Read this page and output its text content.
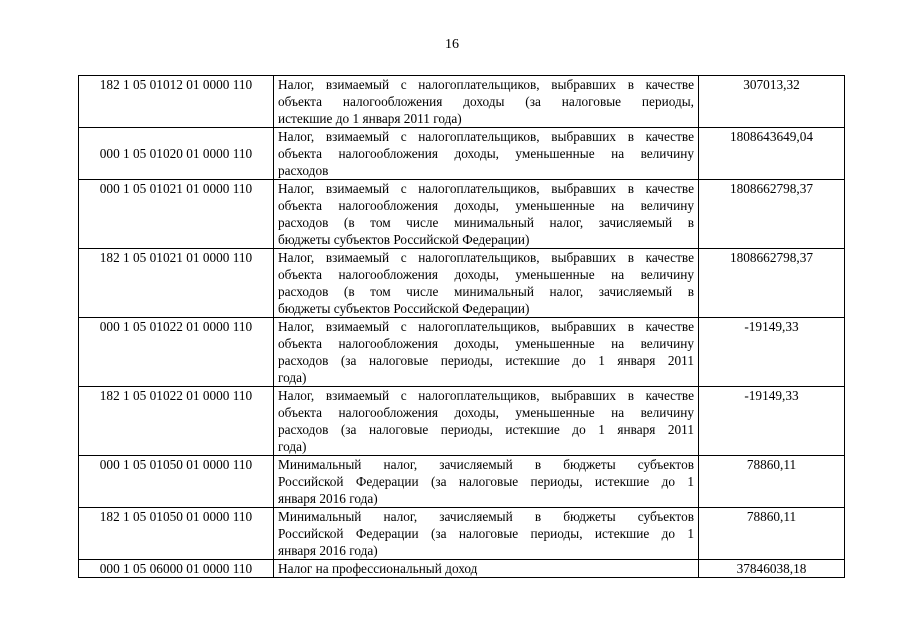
16
182 1 05 01012 01 0000 110	Налог, взимаемый с налогоплательщиков, выбравших в качестве
объекта налогообложения доходы (за налоговые периоды,
истекшие до 1 января 2011 года)	307013,32
000 1 05 01020 01 0000 110	Налог, взимаемый с налогоплательщиков, выбравших в качестве
объекта налогообложения доходы, уменьшенные на величину
расходов	1808643649,04
000 1 05 01021 01 0000 110	Налог, взимаемый с налогоплательщиков, выбравших в качестве
объекта налогообложения доходы, уменьшенные на величину
расходов (в том числе минимальный налог, зачисляемый в
бюджеты субъектов Российской Федерации)	1808662798,37
182 1 05 01021 01 0000 110	Налог, взимаемый с налогоплательщиков, выбравших в качестве
объекта налогообложения доходы, уменьшенные на величину
расходов (в том числе минимальный налог, зачисляемый в
бюджеты субъектов Российской Федерации)	1808662798,37
000 1 05 01022 01 0000 110	Налог, взимаемый с налогоплательщиков, выбравших в качестве
объекта налогообложения доходы, уменьшенные на величину
расходов (за налоговые периоды, истекшие до 1 января 2011
года)	-19149,33
182 1 05 01022 01 0000 110	Налог, взимаемый с налогоплательщиков, выбравших в качестве
объекта налогообложения доходы, уменьшенные на величину
расходов (за налоговые периоды, истекшие до 1 января 2011
года)	-19149,33
000 1 05 01050 01 0000 110	Минимальный налог, зачисляемый в бюджеты субъектов
Российской Федерации (за налоговые периоды, истекшие до 1
января 2016 года)	78860,11
182 1 05 01050 01 0000 110	Минимальный налог, зачисляемый в бюджеты субъектов
Российской Федерации (за налоговые периоды, истекшие до 1
января 2016 года)	78860,11
000 1 05 06000 01 0000 110	Налог на профессиональный доход	37846038,18
